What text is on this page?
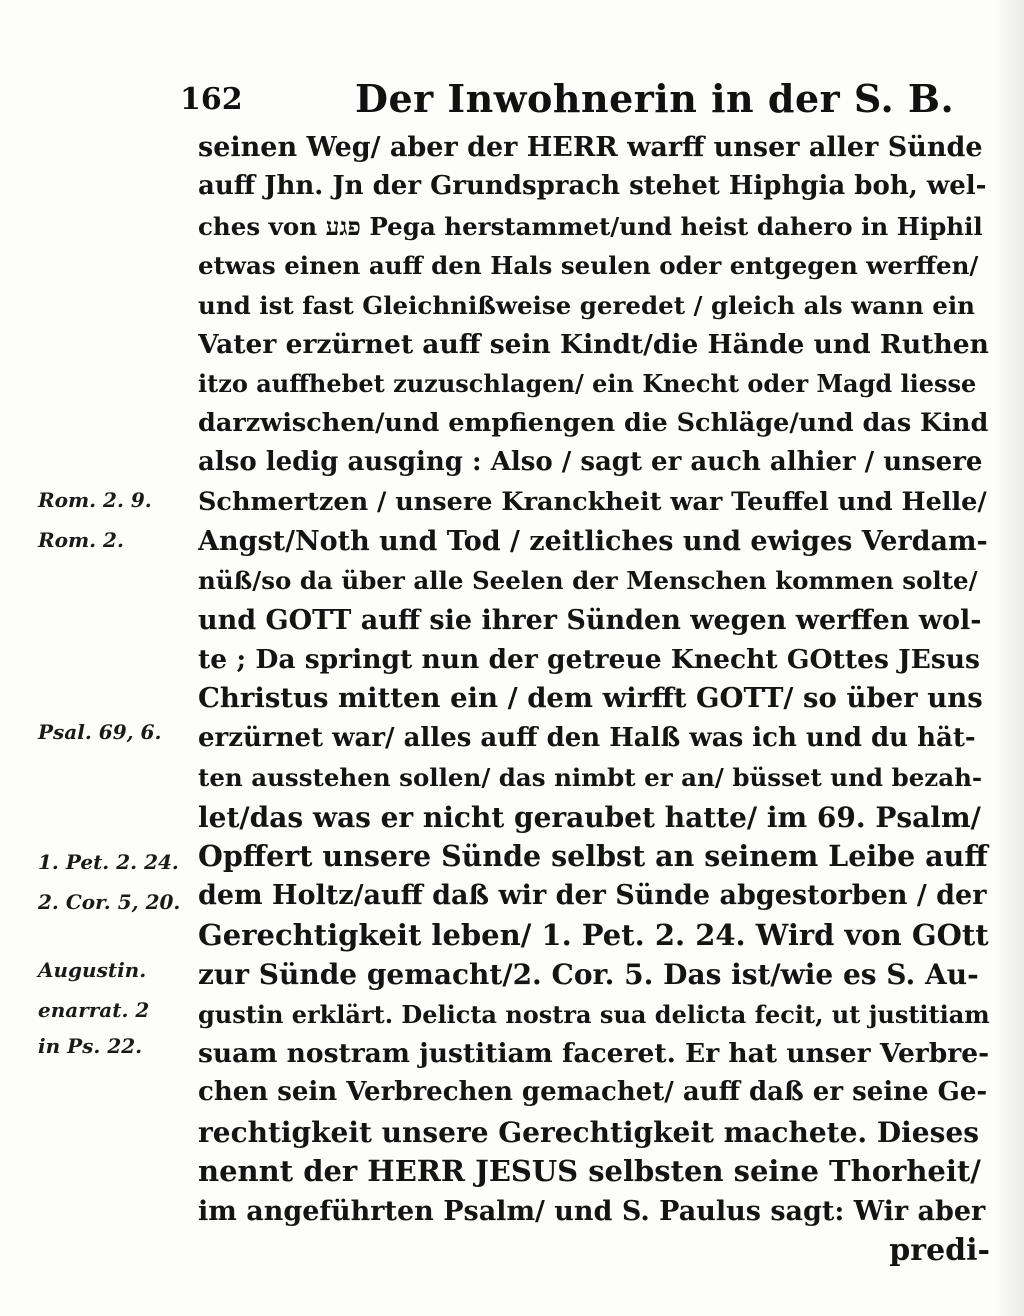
162	Der Inwohnerin in der S. B.
Rom. 2. 9.
Rom. 2.
Psal. 69, 6.
1. Pet. 2. 24.
2. Cor. 5, 20.
Augustin.
enarrat. 2
in Ps. 22.
seinen Weg/ aber der HERR warff unser aller Sünde
auff Jhn. Jn der Grundsprach stehet Hiphgia boh, wel-
ches von פגע Pega herstammet/und heist dahero in Hiphil
etwas einen auff den Hals seulen oder entgegen werffen/
und ist fast Gleichnißweise geredet / gleich als wann ein
Vater erzürnet auff sein Kindt/die Hände und Ruthen
itzo auffhebet zuzuschlagen/ ein Knecht oder Magd liesse
darzwischen/und empfiengen die Schläge/und das Kind
also ledig ausging : Also / sagt er auch alhier / unsere
Schmertzen / unsere Kranckheit war Teuffel und Helle/
Angst/Noth und Tod / zeitliches und ewiges Verdam-
nüß/so da über alle Seelen der Menschen kommen solte/
und GOTT auff sie ihrer Sünden wegen werffen wol-
te ; Da springt nun der getreue Knecht GOttes JEsus
Christus mitten ein / dem wirfft GOTT/ so über uns
erzürnet war/ alles auff den Halß was ich und du hät-
ten ausstehen sollen/ das nimbt er an/ büsset und bezah-
let/das was er nicht geraubet hatte/ im 69. Psalm/
Opffert unsere Sünde selbst an seinem Leibe auff
dem Holtz/auff daß wir der Sünde abgestorben / der
Gerechtigkeit leben/ 1. Pet. 2. 24. Wird von GOtt
zur Sünde gemacht/2. Cor. 5. Das ist/wie es S. Au-
gustin erklärt. Delicta nostra sua delicta fecit, ut justitiam
suam nostram justitiam faceret. Er hat unser Verbre-
chen sein Verbrechen gemachet/ auff daß er seine Ge-
rechtigkeit unsere Gerechtigkeit machete. Dieses
nennt der HERR JESUS selbsten seine Thorheit/
im angeführten Psalm/ und S. Paulus sagt: Wir aber
predi-
